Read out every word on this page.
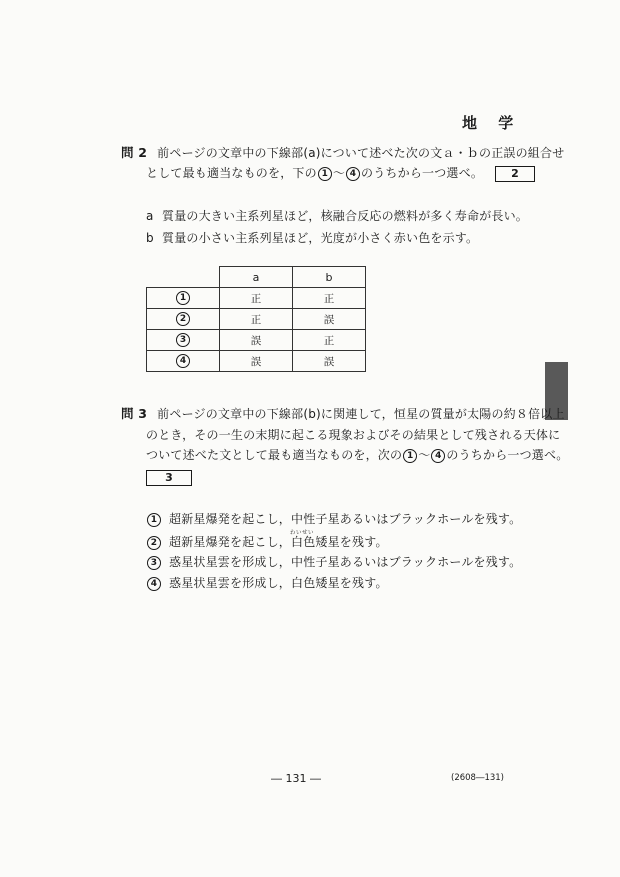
地 学
問 2 前ページの文章中の下線部(a)について述べた次の文ａ・ｂの正誤の組合せ
として最も適当なものを，下の 1 ～ 4 のうちから一つ選べ。	2
a 質量の大きい主系列星ほど，核融合反応の燃料が多く寿命が長い。
b 質量の小さい主系列星ほど，光度が小さく赤い色を示す。
	a	b
1	正	正
2	正	誤
3	誤	正
4	誤	誤
問 3 前ページの文章中の下線部(b)に関連して，恒星の質量が太陽の約８倍以上
のとき，その一生の末期に起こる現象およびその結果として残される天体に
ついて述べた文として最も適当なものを，次の 1 ～ 4 のうちから一つ選べ。
3
わいせい
1 超新星爆発を起こし，中性子星あるいはブラックホールを残す。
2 超新星爆発を起こし，白色矮星を残す。
3 惑星状星雲を形成し，中性子星あるいはブラックホールを残す。
4 惑星状星雲を形成し，白色矮星を残す。
― 131 ―	(2608―131)
